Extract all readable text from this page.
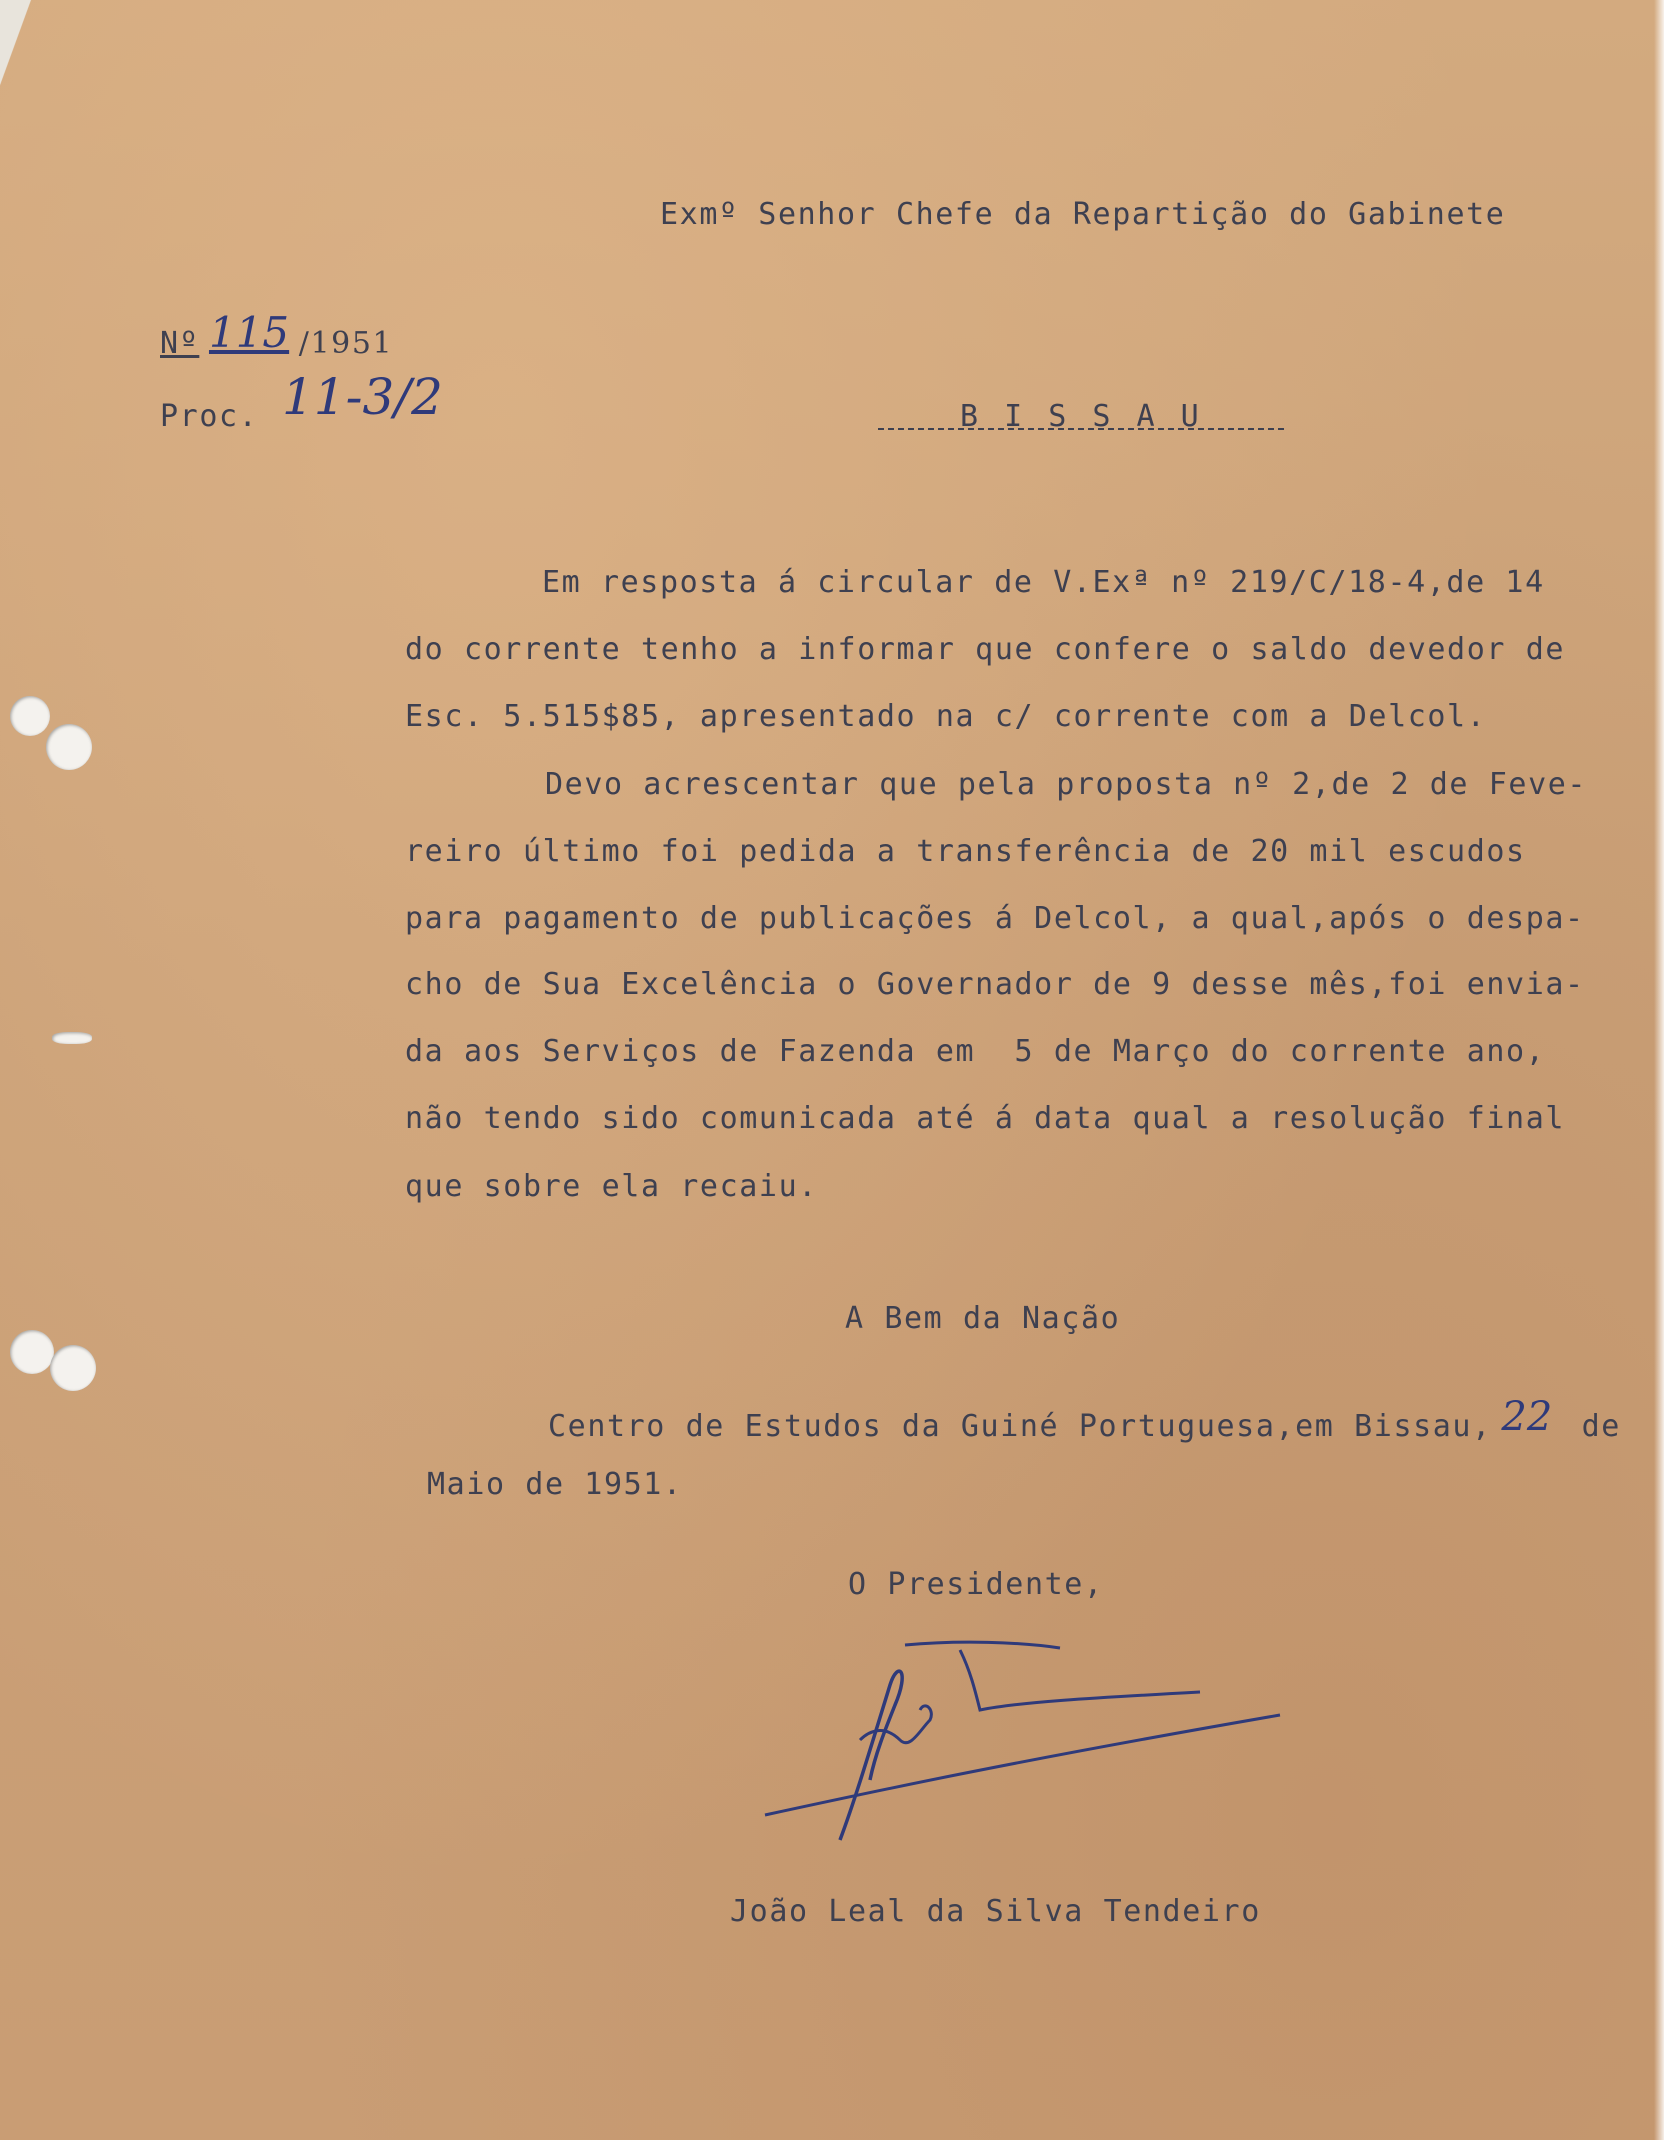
Exmº Senhor Chefe da Repartição do Gabinete
Nº 115 /1951
Proc. 11-3/2	B I S S A U
Em resposta á circular de V.Exª nº 219/C/18-4,de 14
do corrente tenho a informar que confere o saldo devedor de
Esc. 5.515$85, apresentado na c/ corrente com a Delcol.
Devo acrescentar que pela proposta nº 2,de 2 de Feve-
reiro último foi pedida a transferência de 20 mil escudos
para pagamento de publicações á Delcol, a qual,após o despa-
cho de Sua Excelência o Governador de 9 desse mês,foi envia-
da aos Serviços de Fazenda em  5 de Março do corrente ano,
não tendo sido comunicada até á data qual a resolução final
que sobre ela recaiu.
A Bem da Nação
Centro de Estudos da Guiné Portuguesa,em Bissau, 22  de
Maio de 1951.
O Presidente,
João Leal da Silva Tendeiro
